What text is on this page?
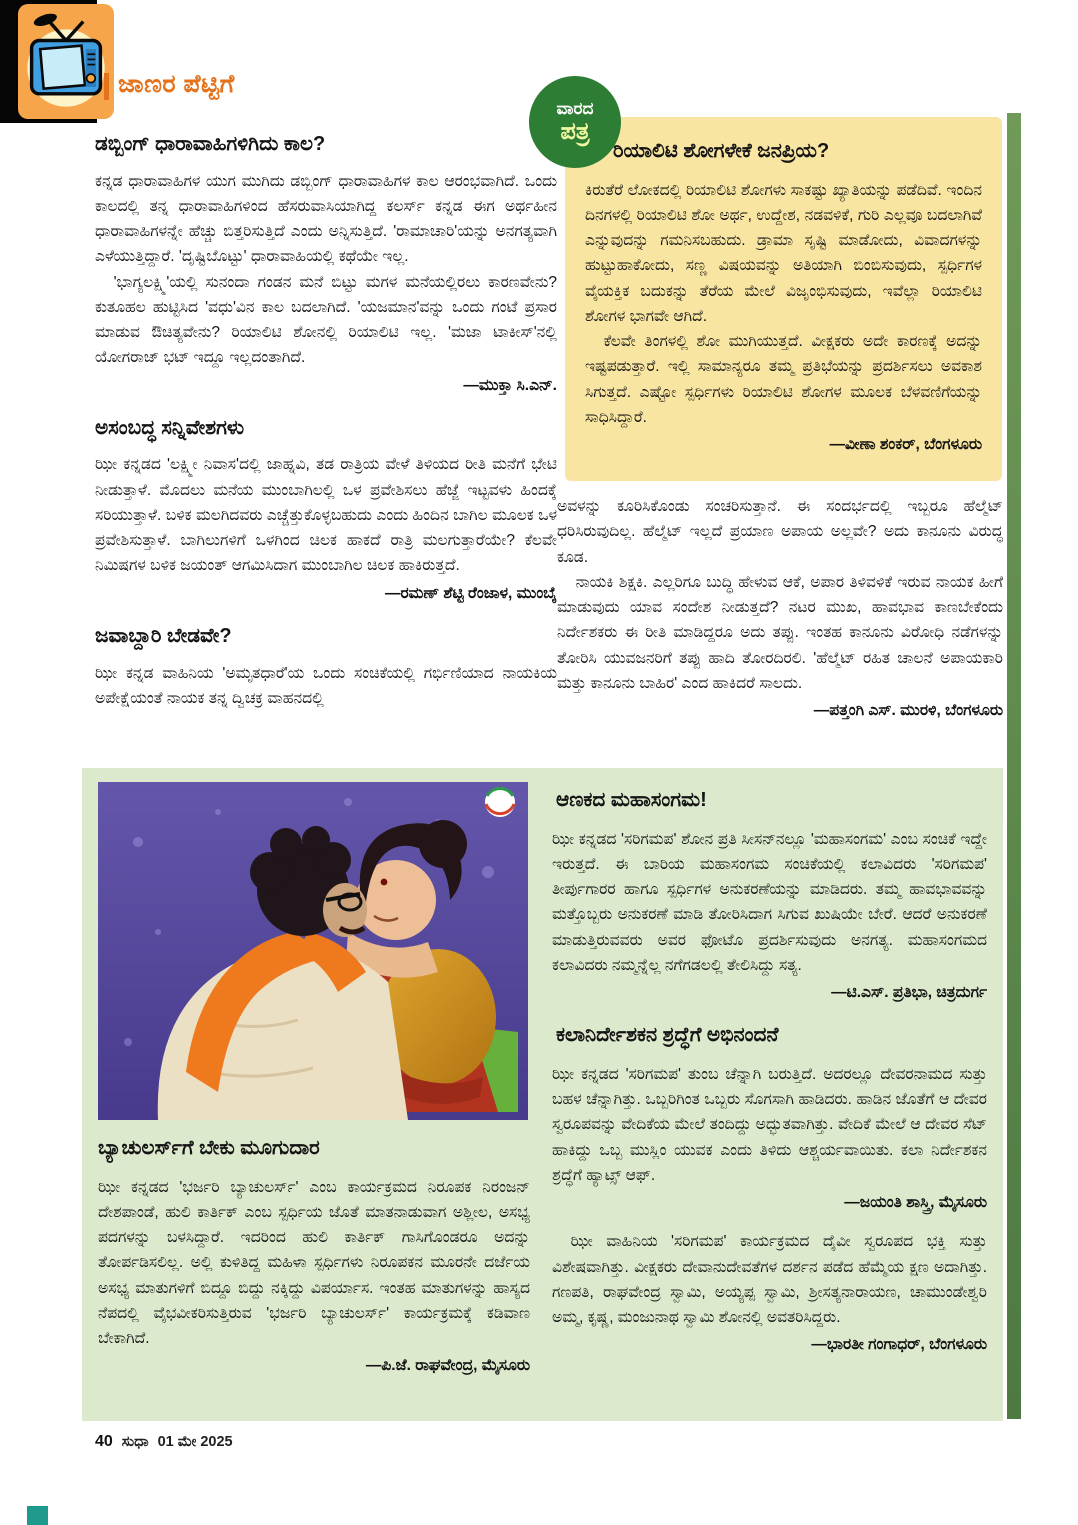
ಜಾಣರ ಪೆಟ್ಟಿಗೆ
ವಾರದ
ಪತ್ರ
ರಿಯಾಲಿಟಿ ಶೋಗಳೇಕೆ ಜನಪ್ರಿಯ?

ಕಿರುತೆರೆ ಲೋಕದಲ್ಲಿ ರಿಯಾಲಿಟಿ ಶೋಗಳು ಸಾಕಷ್ಟು ಖ್ಯಾತಿಯನ್ನು ಪಡೆದಿವೆ. ಇಂದಿನ ದಿನಗಳಲ್ಲಿ ರಿಯಾಲಿಟಿ ಶೋ ಅರ್ಥ, ಉದ್ದೇಶ, ನಡವಳಿಕೆ, ಗುರಿ ಎಲ್ಲವೂ ಬದಲಾಗಿವೆ ಎನ್ನುವುದನ್ನು ಗಮನಿಸಬಹುದು. ಡ್ರಾಮಾ ಸೃಷ್ಟಿ ಮಾಡೋದು, ವಿವಾದಗಳನ್ನು ಹುಟ್ಟುಹಾಕೋದು, ಸಣ್ಣ ವಿಷಯವನ್ನು ಅತಿಯಾಗಿ ಬಿಂಬಿಸುವುದು, ಸ್ಪರ್ಧಿಗಳ ವೈಯಕ್ತಿಕ ಬದುಕನ್ನು ತೆರೆಯ ಮೇಲೆ ವಿಜೃಂಭಿಸುವುದು, ಇವೆಲ್ಲಾ ರಿಯಾಲಿಟಿ ಶೋಗಳ ಭಾಗವೇ ಆಗಿದೆ.

ಕೆಲವೇ ತಿಂಗಳಲ್ಲಿ ಶೋ ಮುಗಿಯುತ್ತದೆ. ವೀಕ್ಷಕರು ಅದೇ ಕಾರಣಕ್ಕೆ ಅದನ್ನು ಇಷ್ಟಪಡುತ್ತಾರೆ. ಇಲ್ಲಿ ಸಾಮಾನ್ಯರೂ ತಮ್ಮ ಪ್ರತಿಭೆಯನ್ನು ಪ್ರದರ್ಶಿಸಲು ಅವಕಾಶ ಸಿಗುತ್ತದೆ. ಎಷ್ಟೋ ಸ್ಪರ್ಧಿಗಳು ರಿಯಾಲಿಟಿ ಶೋಗಳ ಮೂಲಕ ಬೆಳವಣಿಗೆಯನ್ನು ಸಾಧಿಸಿದ್ದಾರೆ.

—ವೀಣಾ ಶಂಕರ್, ಬೆಂಗಳೂರು
ಡಬ್ಬಿಂಗ್ ಧಾರಾವಾಹಿಗಳಿಗಿದು ಕಾಲ?

ಕನ್ನಡ ಧಾರಾವಾಹಿಗಳ ಯುಗ ಮುಗಿದು ಡಬ್ಬಿಂಗ್ ಧಾರಾವಾಹಿಗಳ ಕಾಲ ಆರಂಭವಾಗಿದೆ. ಒಂದು ಕಾಲದಲ್ಲಿ ತನ್ನ ಧಾರಾವಾಹಿಗಳಿಂದ ಹೆಸರುವಾಸಿಯಾಗಿದ್ದ ಕಲರ್ಸ್ ಕನ್ನಡ ಈಗ ಅರ್ಥಹೀನ ಧಾರಾವಾಹಿಗಳನ್ನೇ ಹೆಚ್ಚು ಬಿತ್ತರಿಸುತ್ತಿದೆ ಎಂದು ಅನ್ನಿಸುತ್ತಿದೆ. 'ರಾಮಾಚಾರಿ'ಯನ್ನು ಅನಗತ್ಯವಾಗಿ ಎಳೆಯುತ್ತಿದ್ದಾರೆ. 'ದೃಷ್ಟಿಬೊಟ್ಟು' ಧಾರಾವಾಹಿಯಲ್ಲಿ ಕಥೆಯೇ ಇಲ್ಲ.

'ಭಾಗ್ಯಲಕ್ಷ್ಮಿ'ಯಲ್ಲಿ ಸುನಂದಾ ಗಂಡನ ಮನೆ ಬಿಟ್ಟು ಮಗಳ ಮನೆಯಲ್ಲಿರಲು ಕಾರಣವೇನು? ಕುತೂಹಲ ಹುಟ್ಟಿಸಿದ 'ವಧು'ವಿನ ಕಾಲ ಬದಲಾಗಿದೆ. 'ಯಜಮಾನ'ವನ್ನು ಒಂದು ಗಂಟೆ ಪ್ರಸಾರ ಮಾಡುವ ಔಚಿತ್ಯವೇನು? ರಿಯಾಲಿಟಿ ಶೋನಲ್ಲಿ ರಿಯಾಲಿಟಿ ಇಲ್ಲ. 'ಮಜಾ ಟಾಕೀಸ್'ನಲ್ಲಿ ಯೋಗರಾಜ್ ಭಟ್ ಇದ್ದೂ ಇಲ್ಲದಂತಾಗಿದೆ.

—ಮುಕ್ತಾ ಸಿ.ಎನ್.
ಅಸಂಬದ್ಧ ಸನ್ನಿವೇಶಗಳು

ಝೀ ಕನ್ನಡದ 'ಲಕ್ಷ್ಮೀ ನಿವಾಸ'ದಲ್ಲಿ ಜಾಹ್ನವಿ, ತಡ ರಾತ್ರಿಯ ವೇಳೆ ತಿಳಿಯದ ರೀತಿ ಮನೆಗೆ ಭೇಟಿ ನೀಡುತ್ತಾಳೆ. ಮೊದಲು ಮನೆಯ ಮುಂಬಾಗಿಲಲ್ಲಿ ಒಳ ಪ್ರವೇಶಿಸಲು ಹೆಜ್ಜೆ ಇಟ್ಟವಳು ಹಿಂದಕ್ಕೆ ಸರಿಯುತ್ತಾಳೆ. ಬಳಿಕ ಮಲಗಿದವರು ಎಚ್ಚೆತ್ತುಕೊಳ್ಳಬಹುದು ಎಂದು ಹಿಂದಿನ ಬಾಗಿಲ ಮೂಲಕ ಒಳ ಪ್ರವೇಶಿಸುತ್ತಾಳೆ. ಬಾಗಿಲುಗಳಿಗೆ ಒಳಗಿಂದ ಚಿಲಕ ಹಾಕದೆ ರಾತ್ರಿ ಮಲಗುತ್ತಾರೆಯೇ? ಕೆಲವೇ ನಿಮಿಷಗಳ ಬಳಿಕ ಜಯಂತ್ ಆಗಮಿಸಿದಾಗ ಮುಂಬಾಗಿಲ ಚಿಲಕ ಹಾಕಿರುತ್ತದೆ.

—ರಮಣ್ ಶೆಟ್ಟಿ ರೆಂಜಾಳ, ಮುಂಬೈ
ಜವಾಬ್ದಾರಿ ಬೇಡವೇ?

ಝೀ ಕನ್ನಡ ವಾಹಿನಿಯ 'ಅಮೃತಧಾರೆ'ಯ ಒಂದು ಸಂಚಿಕೆಯಲ್ಲಿ ಗರ್ಭಿಣಿಯಾದ ನಾಯಕಿಯ ಅಪೇಕ್ಷೆಯಂತೆ ನಾಯಕ ತನ್ನ ದ್ವಿಚಕ್ರ ವಾಹನದಲ್ಲಿ

ಅವಳನ್ನು ಕೂರಿಸಿಕೊಂಡು ಸಂಚರಿಸುತ್ತಾನೆ. ಈ ಸಂದರ್ಭದಲ್ಲಿ ಇಬ್ಬರೂ ಹೆಲ್ಮೆಟ್ ಧರಿಸಿರುವುದಿಲ್ಲ. ಹೆಲ್ಮೆಟ್ ಇಲ್ಲದೆ ಪ್ರಯಾಣ ಅಪಾಯ ಅಲ್ಲವೇ? ಅದು ಕಾನೂನು ವಿರುದ್ಧ ಕೂಡ.

ನಾಯಕಿ ಶಿಕ್ಷಕಿ. ಎಲ್ಲರಿಗೂ ಬುದ್ಧಿ ಹೇಳುವ ಆಕೆ, ಅಪಾರ ತಿಳಿವಳಿಕೆ ಇರುವ ನಾಯಕ ಹೀಗೆ ಮಾಡುವುದು ಯಾವ ಸಂದೇಶ ನೀಡುತ್ತದೆ? ನಟರ ಮುಖ, ಹಾವಭಾವ ಕಾಣಬೇಕೆಂದು ನಿರ್ದೇಶಕರು ಈ ರೀತಿ ಮಾಡಿದ್ದರೂ ಅದು ತಪ್ಪು. ಇಂತಹ ಕಾನೂನು ವಿರೋಧಿ ನಡೆಗಳನ್ನು ತೋರಿಸಿ ಯುವಜನರಿಗೆ ತಪ್ಪು ಹಾದಿ ತೋರದಿರಲಿ. 'ಹೆಲ್ಮೆಟ್ ರಹಿತ ಚಾಲನೆ ಅಪಾಯಕಾರಿ ಮತ್ತು ಕಾನೂನು ಬಾಹಿರ' ಎಂದ ಹಾಕಿದರೆ ಸಾಲದು.

—ಪತ್ತಂಗಿ ಎಸ್. ಮುರಳಿ, ಬೆಂಗಳೂರು
ಬ್ಯಾಚುಲರ್ಸ್‌ಗೆ ಬೇಕು ಮೂಗುದಾರ

ಝೀ ಕನ್ನಡದ 'ಭರ್ಜರಿ ಬ್ಯಾಚುಲರ್ಸ್' ಎಂಬ ಕಾರ್ಯಕ್ರಮದ ನಿರೂಪಕ ನಿರಂಜನ್ ದೇಶಪಾಂಡೆ, ಹುಲಿ ಕಾರ್ತಿಕ್ ಎಂಬ ಸ್ಪರ್ಧಿಯ ಜೊತೆ ಮಾತನಾಡುವಾಗ ಅಶ್ಲೀಲ, ಅಸಭ್ಯ ಪದಗಳನ್ನು ಬಳಸಿದ್ದಾರೆ. ಇದರಿಂದ ಹುಲಿ ಕಾರ್ತಿಕ್ ಗಾಸಿಗೊಂಡರೂ ಅದನ್ನು ತೋರ್ಪಡಿಸಲಿಲ್ಲ. ಅಲ್ಲಿ ಕುಳಿತಿದ್ದ ಮಹಿಳಾ ಸ್ಪರ್ಧಿಗಳು ನಿರೂಪಕನ ಮೂರನೇ ದರ್ಜೆಯ ಅಸಭ್ಯ ಮಾತುಗಳಿಗೆ ಬಿದ್ದೂ ಬಿದ್ದು ನಕ್ಕಿದ್ದು ವಿಪರ್ಯಾಸ. ಇಂತಹ ಮಾತುಗಳನ್ನು ಹಾಸ್ಯದ ನೆಪದಲ್ಲಿ ವೈಭವೀಕರಿಸುತ್ತಿರುವ 'ಭರ್ಜರಿ ಬ್ಯಾಚುಲರ್ಸ್' ಕಾರ್ಯಕ್ರಮಕ್ಕೆ ಕಡಿವಾಣ ಬೇಕಾಗಿದೆ.

—ಪಿ.ಜೆ. ರಾಘವೇಂದ್ರ, ಮೈಸೂರು
ಆಣಕದ ಮಹಾಸಂಗಮ!

ಝೀ ಕನ್ನಡದ 'ಸರಿಗಮಪ' ಶೋನ ಪ್ರತಿ ಸೀಸನ್‌ನಲ್ಲೂ 'ಮಹಾಸಂಗಮ' ಎಂಬ ಸಂಚಿಕೆ ಇದ್ದೇ ಇರುತ್ತದೆ. ಈ ಬಾರಿಯ ಮಹಾಸಂಗಮ ಸಂಚಿಕೆಯಲ್ಲಿ ಕಲಾವಿದರು 'ಸರಿಗಮಪ' ತೀರ್ಪುಗಾರರ ಹಾಗೂ ಸ್ಪರ್ಧಿಗಳ ಅನುಕರಣೆಯನ್ನು ಮಾಡಿದರು. ತಮ್ಮ ಹಾವಭಾವವನ್ನು ಮತ್ತೊಬ್ಬರು ಅನುಕರಣೆ ಮಾಡಿ ತೋರಿಸಿದಾಗ ಸಿಗುವ ಖುಷಿಯೇ ಬೇರೆ. ಆದರೆ ಅನುಕರಣೆ ಮಾಡುತ್ತಿರುವವರು ಅವರ ಫೋಟೊ ಪ್ರದರ್ಶಿಸುವುದು ಅನಗತ್ಯ. ಮಹಾಸಂಗಮದ ಕಲಾವಿದರು ನಮ್ಮನ್ನೆಲ್ಲ ನಗೆಗಡಲಲ್ಲಿ ತೇಲಿಸಿದ್ದು ಸತ್ಯ.

—ಟಿ.ಎಸ್. ಪ್ರತಿಭಾ, ಚಿತ್ರದುರ್ಗ
ಕಲಾನಿರ್ದೇಶಕನ ಶ್ರದ್ಧೆಗೆ ಅಭಿನಂದನೆ

ಝೀ ಕನ್ನಡದ 'ಸರಿಗಮಪ' ತುಂಬ ಚೆನ್ನಾಗಿ ಬರುತ್ತಿದೆ. ಅದರಲ್ಲೂ ದೇವರನಾಮದ ಸುತ್ತು ಬಹಳ ಚೆನ್ನಾಗಿತ್ತು. ಒಬ್ಬರಿಗಿಂತ ಒಬ್ಬರು ಸೊಗಸಾಗಿ ಹಾಡಿದರು. ಹಾಡಿನ ಜೊತೆಗೆ ಆ ದೇವರ ಸ್ವರೂಪವನ್ನು ವೇದಿಕೆಯ ಮೇಲೆ ತಂದಿದ್ದು ಅದ್ಭುತವಾಗಿತ್ತು. ವೇದಿಕೆ ಮೇಲೆ ಆ ದೇವರ ಸೆಟ್ ಹಾಕಿದ್ದು ಒಬ್ಬ ಮುಸ್ಲಿಂ ಯುವಕ ಎಂದು ತಿಳಿದು ಆಶ್ಚರ್ಯವಾಯಿತು. ಕಲಾ ನಿರ್ದೇಶಕನ ಶ್ರದ್ಧೆಗೆ ಹ್ಯಾಟ್ಸ್ ಆಫ್.

—ಜಯಂತಿ ಶಾಸ್ತ್ರಿ, ಮೈಸೂರು

ಝೀ ವಾಹಿನಿಯ 'ಸರಿಗಮಪ' ಕಾರ್ಯಕ್ರಮದ ದೈವೀ ಸ್ವರೂಪದ ಭಕ್ತಿ ಸುತ್ತು ವಿಶೇಷವಾಗಿತ್ತು. ವೀಕ್ಷಕರು ದೇವಾನುದೇವತೆಗಳ ದರ್ಶನ ಪಡೆದ ಹೆಮ್ಮೆಯ ಕ್ಷಣ ಅದಾಗಿತ್ತು. ಗಣಪತಿ, ರಾಘವೇಂದ್ರ ಸ್ವಾಮಿ, ಅಯ್ಯಪ್ಪ ಸ್ವಾಮಿ, ಶ್ರೀಸತ್ಯನಾರಾಯಣ, ಚಾಮುಂಡೇಶ್ವರಿ ಅಮ್ಮ, ಕೃಷ್ಣ, ಮಂಜುನಾಥ ಸ್ವಾಮಿ ಶೋನಲ್ಲಿ ಅವತರಿಸಿದ್ದರು.

—ಭಾರತೀ ಗಂಗಾಧರ್, ಬೆಂಗಳೂರು
40 ಸುಧಾ 01 ಮೇ 2025
